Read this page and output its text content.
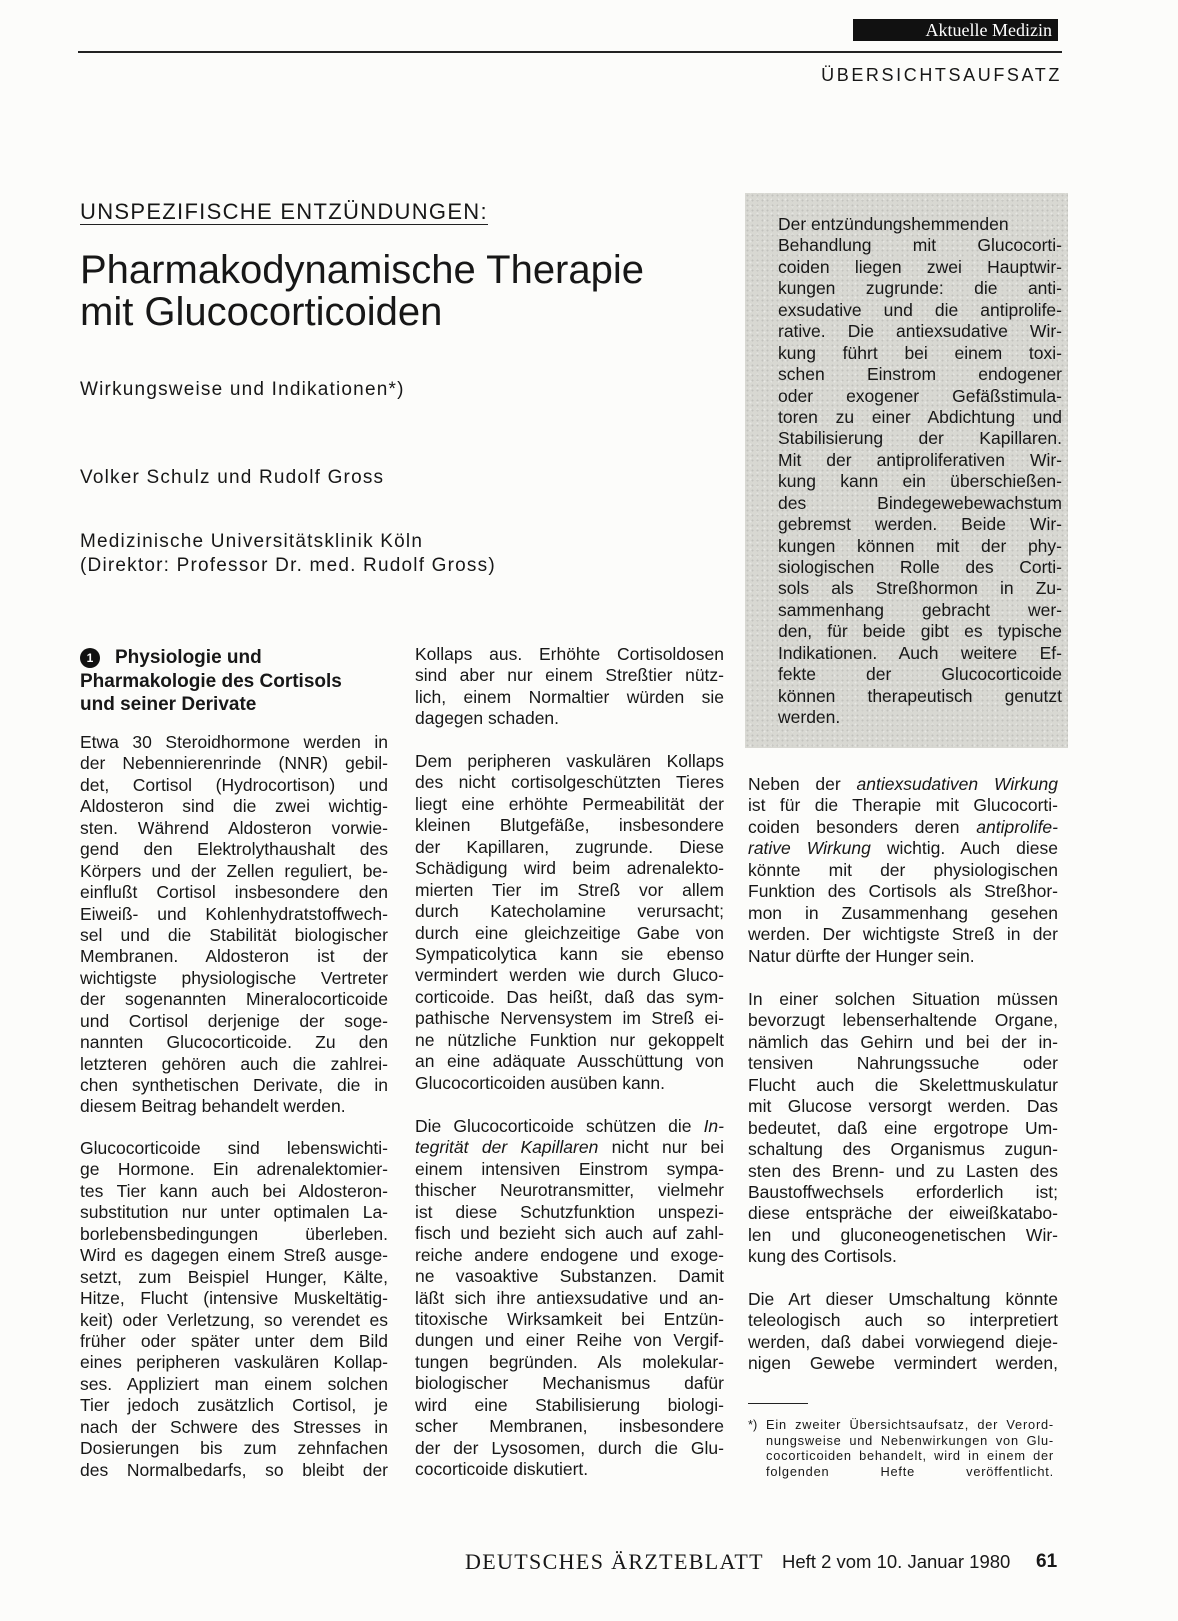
Aktuelle Medizin
ÜBERSICHTSAUFSATZ
UNSPEZIFISCHE ENTZÜNDUNGEN:
Pharmakodynamische Therapie
mit Glucocorticoiden
Wirkungsweise und Indikationen*)
Volker Schulz und Rudolf Gross
Medizinische Universitätsklinik Köln
(Direktor: Professor Dr. med. Rudolf Gross)
Der entzündungshemmenden
Behandlung mit Glucocorti-
coiden liegen zwei Hauptwir-
kungen zugrunde: die anti-
exsudative und die antiprolife-
rative. Die antiexsudative Wir-
kung führt bei einem toxi-
schen Einstrom endogener
oder exogener Gefäßstimula-
toren zu einer Abdichtung und
Stabilisierung der Kapillaren.
Mit der antiproliferativen Wir-
kung kann ein überschießen-
des Bindegewebewachstum
gebremst werden. Beide Wir-
kungen können mit der phy-
siologischen Rolle des Corti-
sols als Streßhormon in Zu-
sammenhang gebracht wer-
den, für beide gibt es typische
Indikationen. Auch weitere Ef-
fekte der Glucocorticoide
können therapeutisch genutzt
werden.
1 Physiologie und
Pharmakologie des Cortisols
und seiner Derivate
Etwa 30 Steroidhormone werden in
der Nebennierenrinde (NNR) gebil-
det, Cortisol (Hydrocortison) und
Aldosteron sind die zwei wichtig-
sten. Während Aldosteron vorwie-
gend den Elektrolythaushalt des
Körpers und der Zellen reguliert, be-
einflußt Cortisol insbesondere den
Eiweiß- und Kohlenhydratstoffwech-
sel und die Stabilität biologischer
Membranen. Aldosteron ist der
wichtigste physiologische Vertreter
der sogenannten Mineralocorticoide
und Cortisol derjenige der soge-
nannten Glucocorticoide. Zu den
letzteren gehören auch die zahlrei-
chen synthetischen Derivate, die in
diesem Beitrag behandelt werden.
Glucocorticoide sind lebenswichti-
ge Hormone. Ein adrenalektomier-
tes Tier kann auch bei Aldosteron-
substitution nur unter optimalen La-
borlebensbedingungen überleben.
Wird es dagegen einem Streß ausge-
setzt, zum Beispiel Hunger, Kälte,
Hitze, Flucht (intensive Muskeltätig-
keit) oder Verletzung, so verendet es
früher oder später unter dem Bild
eines peripheren vaskulären Kollap-
ses. Appliziert man einem solchen
Tier jedoch zusätzlich Cortisol, je
nach der Schwere des Stresses in
Dosierungen bis zum zehnfachen
des Normalbedarfs, so bleibt der
Kollaps aus. Erhöhte Cortisoldosen
sind aber nur einem Streßtier nütz-
lich, einem Normaltier würden sie
dagegen schaden.
Dem peripheren vaskulären Kollaps
des nicht cortisolgeschützten Tieres
liegt eine erhöhte Permeabilität der
kleinen Blutgefäße, insbesondere
der Kapillaren, zugrunde. Diese
Schädigung wird beim adrenalekto-
mierten Tier im Streß vor allem
durch Katecholamine verursacht;
durch eine gleichzeitige Gabe von
Sympaticolytica kann sie ebenso
vermindert werden wie durch Gluco-
corticoide. Das heißt, daß das sym-
pathische Nervensystem im Streß ei-
ne nützliche Funktion nur gekoppelt
an eine adäquate Ausschüttung von
Glucocorticoiden ausüben kann.
Die Glucocorticoide schützen die In-
tegrität der Kapillaren nicht nur bei
einem intensiven Einstrom sympa-
thischer Neurotransmitter, vielmehr
ist diese Schutzfunktion unspezi-
fisch und bezieht sich auch auf zahl-
reiche andere endogene und exoge-
ne vasoaktive Substanzen. Damit
läßt sich ihre antiexsudative und an-
titoxische Wirksamkeit bei Entzün-
dungen und einer Reihe von Vergif-
tungen begründen. Als molekular-
biologischer Mechanismus dafür
wird eine Stabilisierung biologi-
scher Membranen, insbesondere
der der Lysosomen, durch die Glu-
cocorticoide diskutiert.
Neben der antiexsudativen Wirkung
ist für die Therapie mit Glucocorti-
coiden besonders deren antiprolife-
rative Wirkung wichtig. Auch diese
könnte mit der physiologischen
Funktion des Cortisols als Streßhor-
mon in Zusammenhang gesehen
werden. Der wichtigste Streß in der
Natur dürfte der Hunger sein.
In einer solchen Situation müssen
bevorzugt lebenserhaltende Organe,
nämlich das Gehirn und bei der in-
tensiven Nahrungssuche oder
Flucht auch die Skelettmuskulatur
mit Glucose versorgt werden. Das
bedeutet, daß eine ergotrope Um-
schaltung des Organismus zugun-
sten des Brenn- und zu Lasten des
Baustoffwechsels erforderlich ist;
diese entspräche der eiweißkatabo-
len und gluconeogenetischen Wir-
kung des Cortisols.
Die Art dieser Umschaltung könnte
teleologisch auch so interpretiert
werden, daß dabei vorwiegend dieje-
nigen Gewebe vermindert werden,
*) Ein zweiter Übersichtsaufsatz, der Verord-
nungsweise und Nebenwirkungen von Glu-
cocorticoiden behandelt, wird in einem der
folgenden Hefte veröffentlicht.
DEUTSCHES ÄRZTEBLATT Heft 2 vom 10. Januar 1980 61
